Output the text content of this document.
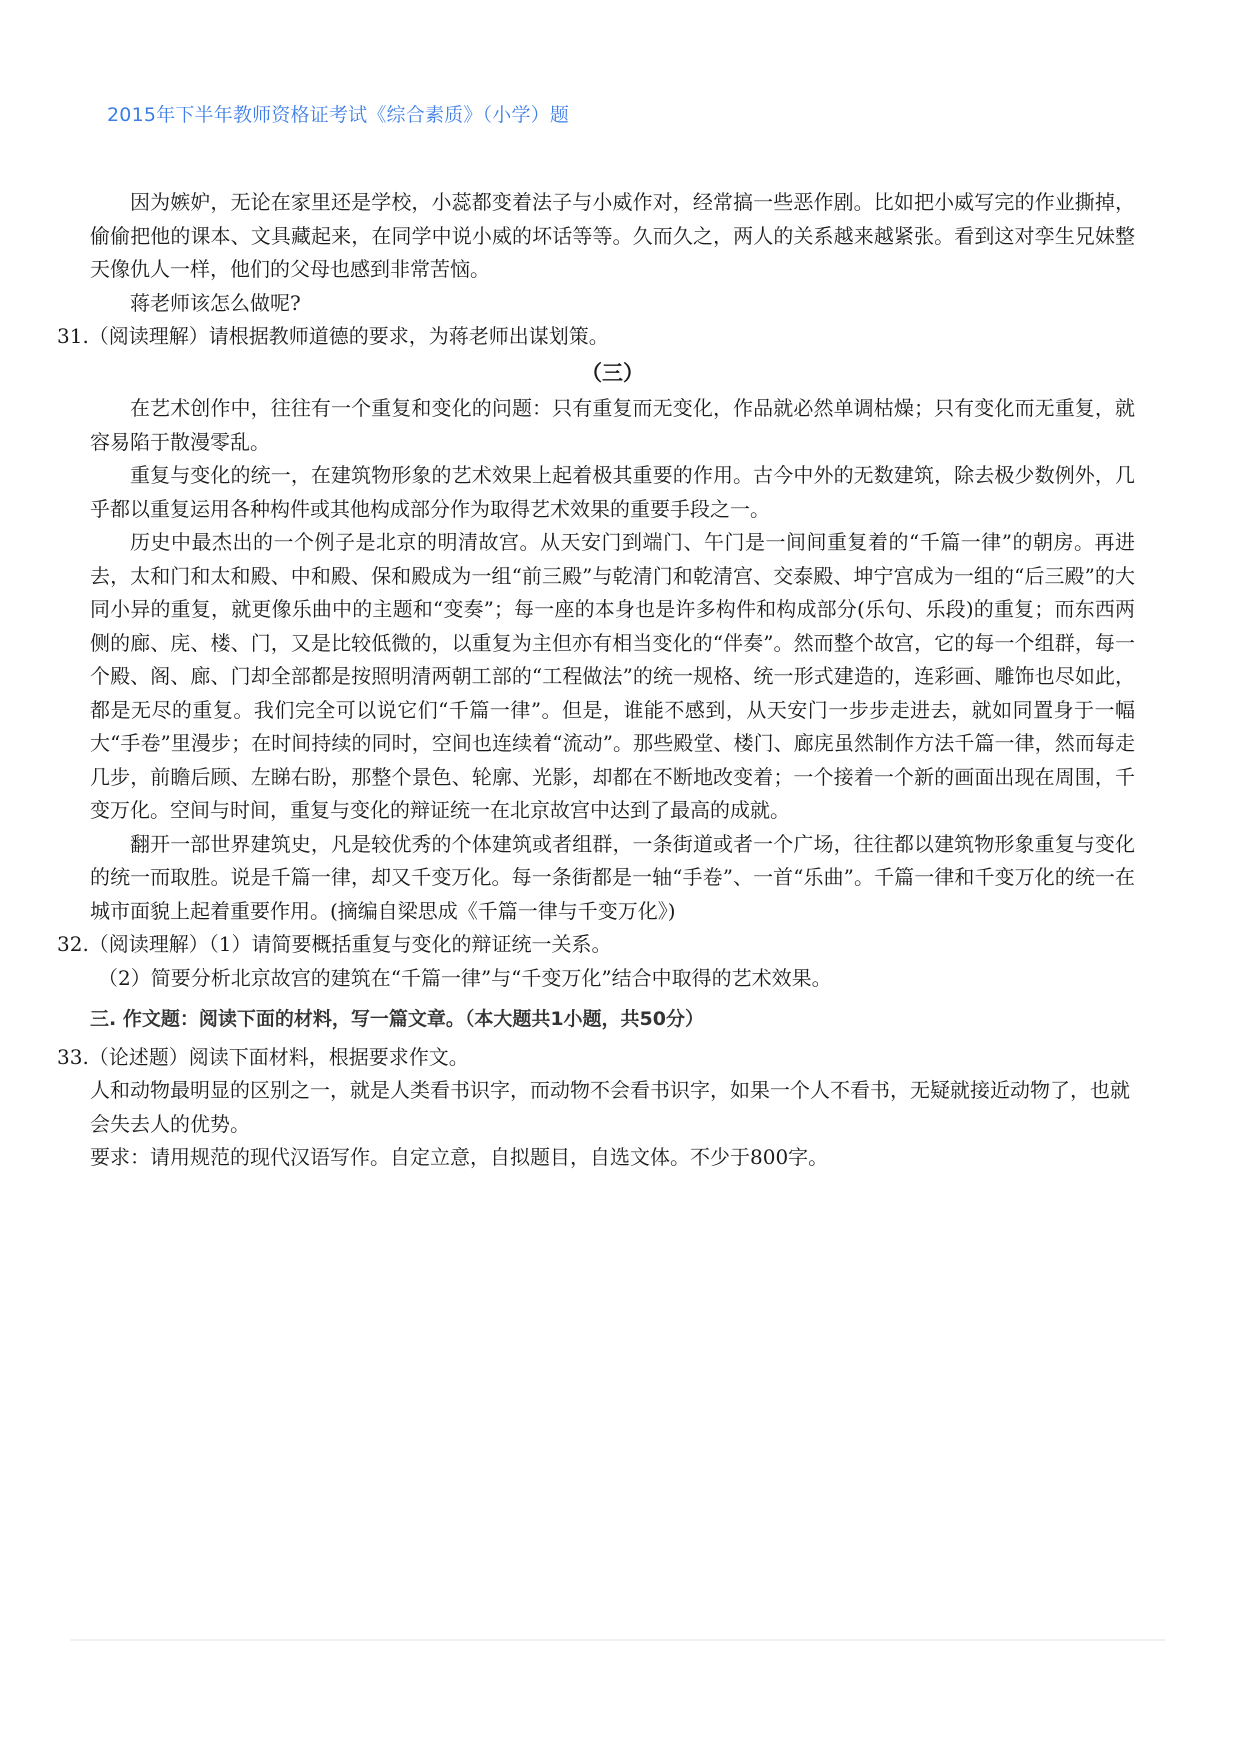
2015年下半年教师资格证考试《综合素质》（小学）题

因为嫉妒，无论在家里还是学校，小蕊都变着法子与小威作对，经常搞一些恶作剧。比如把小威写完的作业撕掉，偷偷把他的课本、文具藏起来，在同学中说小威的坏话等等。久而久之，两人的关系越来越紧张。看到这对孪生兄妹整天像仇人一样，他们的父母也感到非常苦恼。

蒋老师该怎么做呢?

31.（阅读理解）请根据教师道德的要求，为蒋老师出谋划策。

（三）

在艺术创作中，往往有一个重复和变化的问题：只有重复而无变化，作品就必然单调枯燥；只有变化而无重复，就容易陷于散漫零乱。

重复与变化的统一，在建筑物形象的艺术效果上起着极其重要的作用。古今中外的无数建筑，除去极少数例外，几乎都以重复运用各种构件或其他构成部分作为取得艺术效果的重要手段之一。

历史中最杰出的一个例子是北京的明清故宫。从天安门到端门、午门是一间间重复着的“千篇一律”的朝房。再进去，太和门和太和殿、中和殿、保和殿成为一组“前三殿”与乾清门和乾清宫、交泰殿、坤宁宫成为一组的“后三殿”的大同小异的重复，就更像乐曲中的主题和“变奏”；每一座的本身也是许多构件和构成部分(乐句、乐段)的重复；而东西两侧的廊、庑、楼、门，又是比较低微的，以重复为主但亦有相当变化的“伴奏”。然而整个故宫，它的每一个组群，每一个殿、阁、廊、门却全部都是按照明清两朝工部的“工程做法”的统一规格、统一形式建造的，连彩画、雕饰也尽如此，都是无尽的重复。我们完全可以说它们“千篇一律”。但是，谁能不感到，从天安门一步步走进去，就如同置身于一幅大“手卷”里漫步；在时间持续的同时，空间也连续着“流动”。那些殿堂、楼门、廊庑虽然制作方法千篇一律，然而每走几步，前瞻后顾、左睇右盼，那整个景色、轮廓、光影，却都在不断地改变着；一个接着一个新的画面出现在周围，千变万化。空间与时间，重复与变化的辩证统一在北京故宫中达到了最高的成就。

翻开一部世界建筑史，凡是较优秀的个体建筑或者组群，一条街道或者一个广场，往往都以建筑物形象重复与变化的统一而取胜。说是千篇一律，却又千变万化。每一条街都是一轴“手卷”、一首“乐曲”。千篇一律和千变万化的统一在城市面貌上起着重要作用。(摘编自梁思成《千篇一律与千变万化》)

32.（阅读理解）（1）请简要概括重复与变化的辩证统一关系。

（2）简要分析北京故宫的建筑在“千篇一律”与“千变万化”结合中取得的艺术效果。

三. 作文题：阅读下面的材料，写一篇文章。（本大题共1小题，共50分）

33.（论述题）阅读下面材料，根据要求作文。

人和动物最明显的区别之一，就是人类看书识字，而动物不会看书识字，如果一个人不看书，无疑就接近动物了，也就会失去人的优势。

要求：请用规范的现代汉语写作。自定立意，自拟题目，自选文体。不少于800字。
